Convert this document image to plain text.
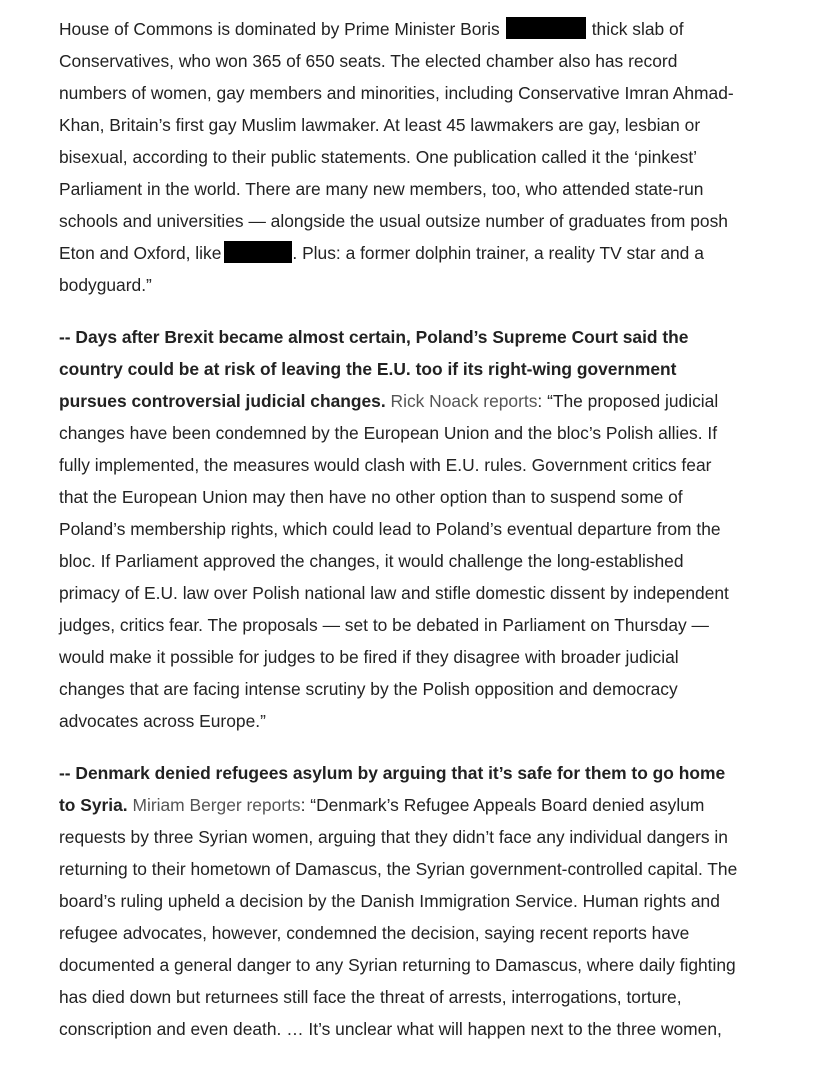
House of Commons is dominated by Prime Minister Boris	thick slab of
Conservatives, who won 365 of 650 seats. The elected chamber also has record
numbers of women, gay members and minorities, including Conservative Imran Ahmad-
Khan, Britain’s first gay Muslim lawmaker. At least 45 lawmakers are gay, lesbian or
bisexual, according to their public statements. One publication called it the ‘pinkest’
Parliament in the world. There are many new members, too, who attended state-run
schools and universities — alongside the usual outsize number of graduates from posh
Eton and Oxford, like	. Plus: a former dolphin trainer, a reality TV star and a
bodyguard.”
-- Days after Brexit became almost certain, Poland’s Supreme Court said the
country could be at risk of leaving the E.U. too if its right-wing government
pursues controversial judicial changes. Rick Noack reports: “The proposed judicial
changes have been condemned by the European Union and the bloc’s Polish allies. If
fully implemented, the measures would clash with E.U. rules. Government critics fear
that the European Union may then have no other option than to suspend some of
Poland’s membership rights, which could lead to Poland’s eventual departure from the
bloc. If Parliament approved the changes, it would challenge the long-established
primacy of E.U. law over Polish national law and stifle domestic dissent by independent
judges, critics fear. The proposals — set to be debated in Parliament on Thursday —
would make it possible for judges to be fired if they disagree with broader judicial
changes that are facing intense scrutiny by the Polish opposition and democracy
advocates across Europe.”
-- Denmark denied refugees asylum by arguing that it’s safe for them to go home
to Syria. Miriam Berger reports: “Denmark’s Refugee Appeals Board denied asylum
requests by three Syrian women, arguing that they didn’t face any individual dangers in
returning to their hometown of Damascus, the Syrian government-controlled capital. The
board’s ruling upheld a decision by the Danish Immigration Service. Human rights and
refugee advocates, however, condemned the decision, saying recent reports have
documented a general danger to any Syrian returning to Damascus, where daily fighting
has died down but returnees still face the threat of arrests, interrogations, torture,
conscription and even death. … It’s unclear what will happen next to the three women,
